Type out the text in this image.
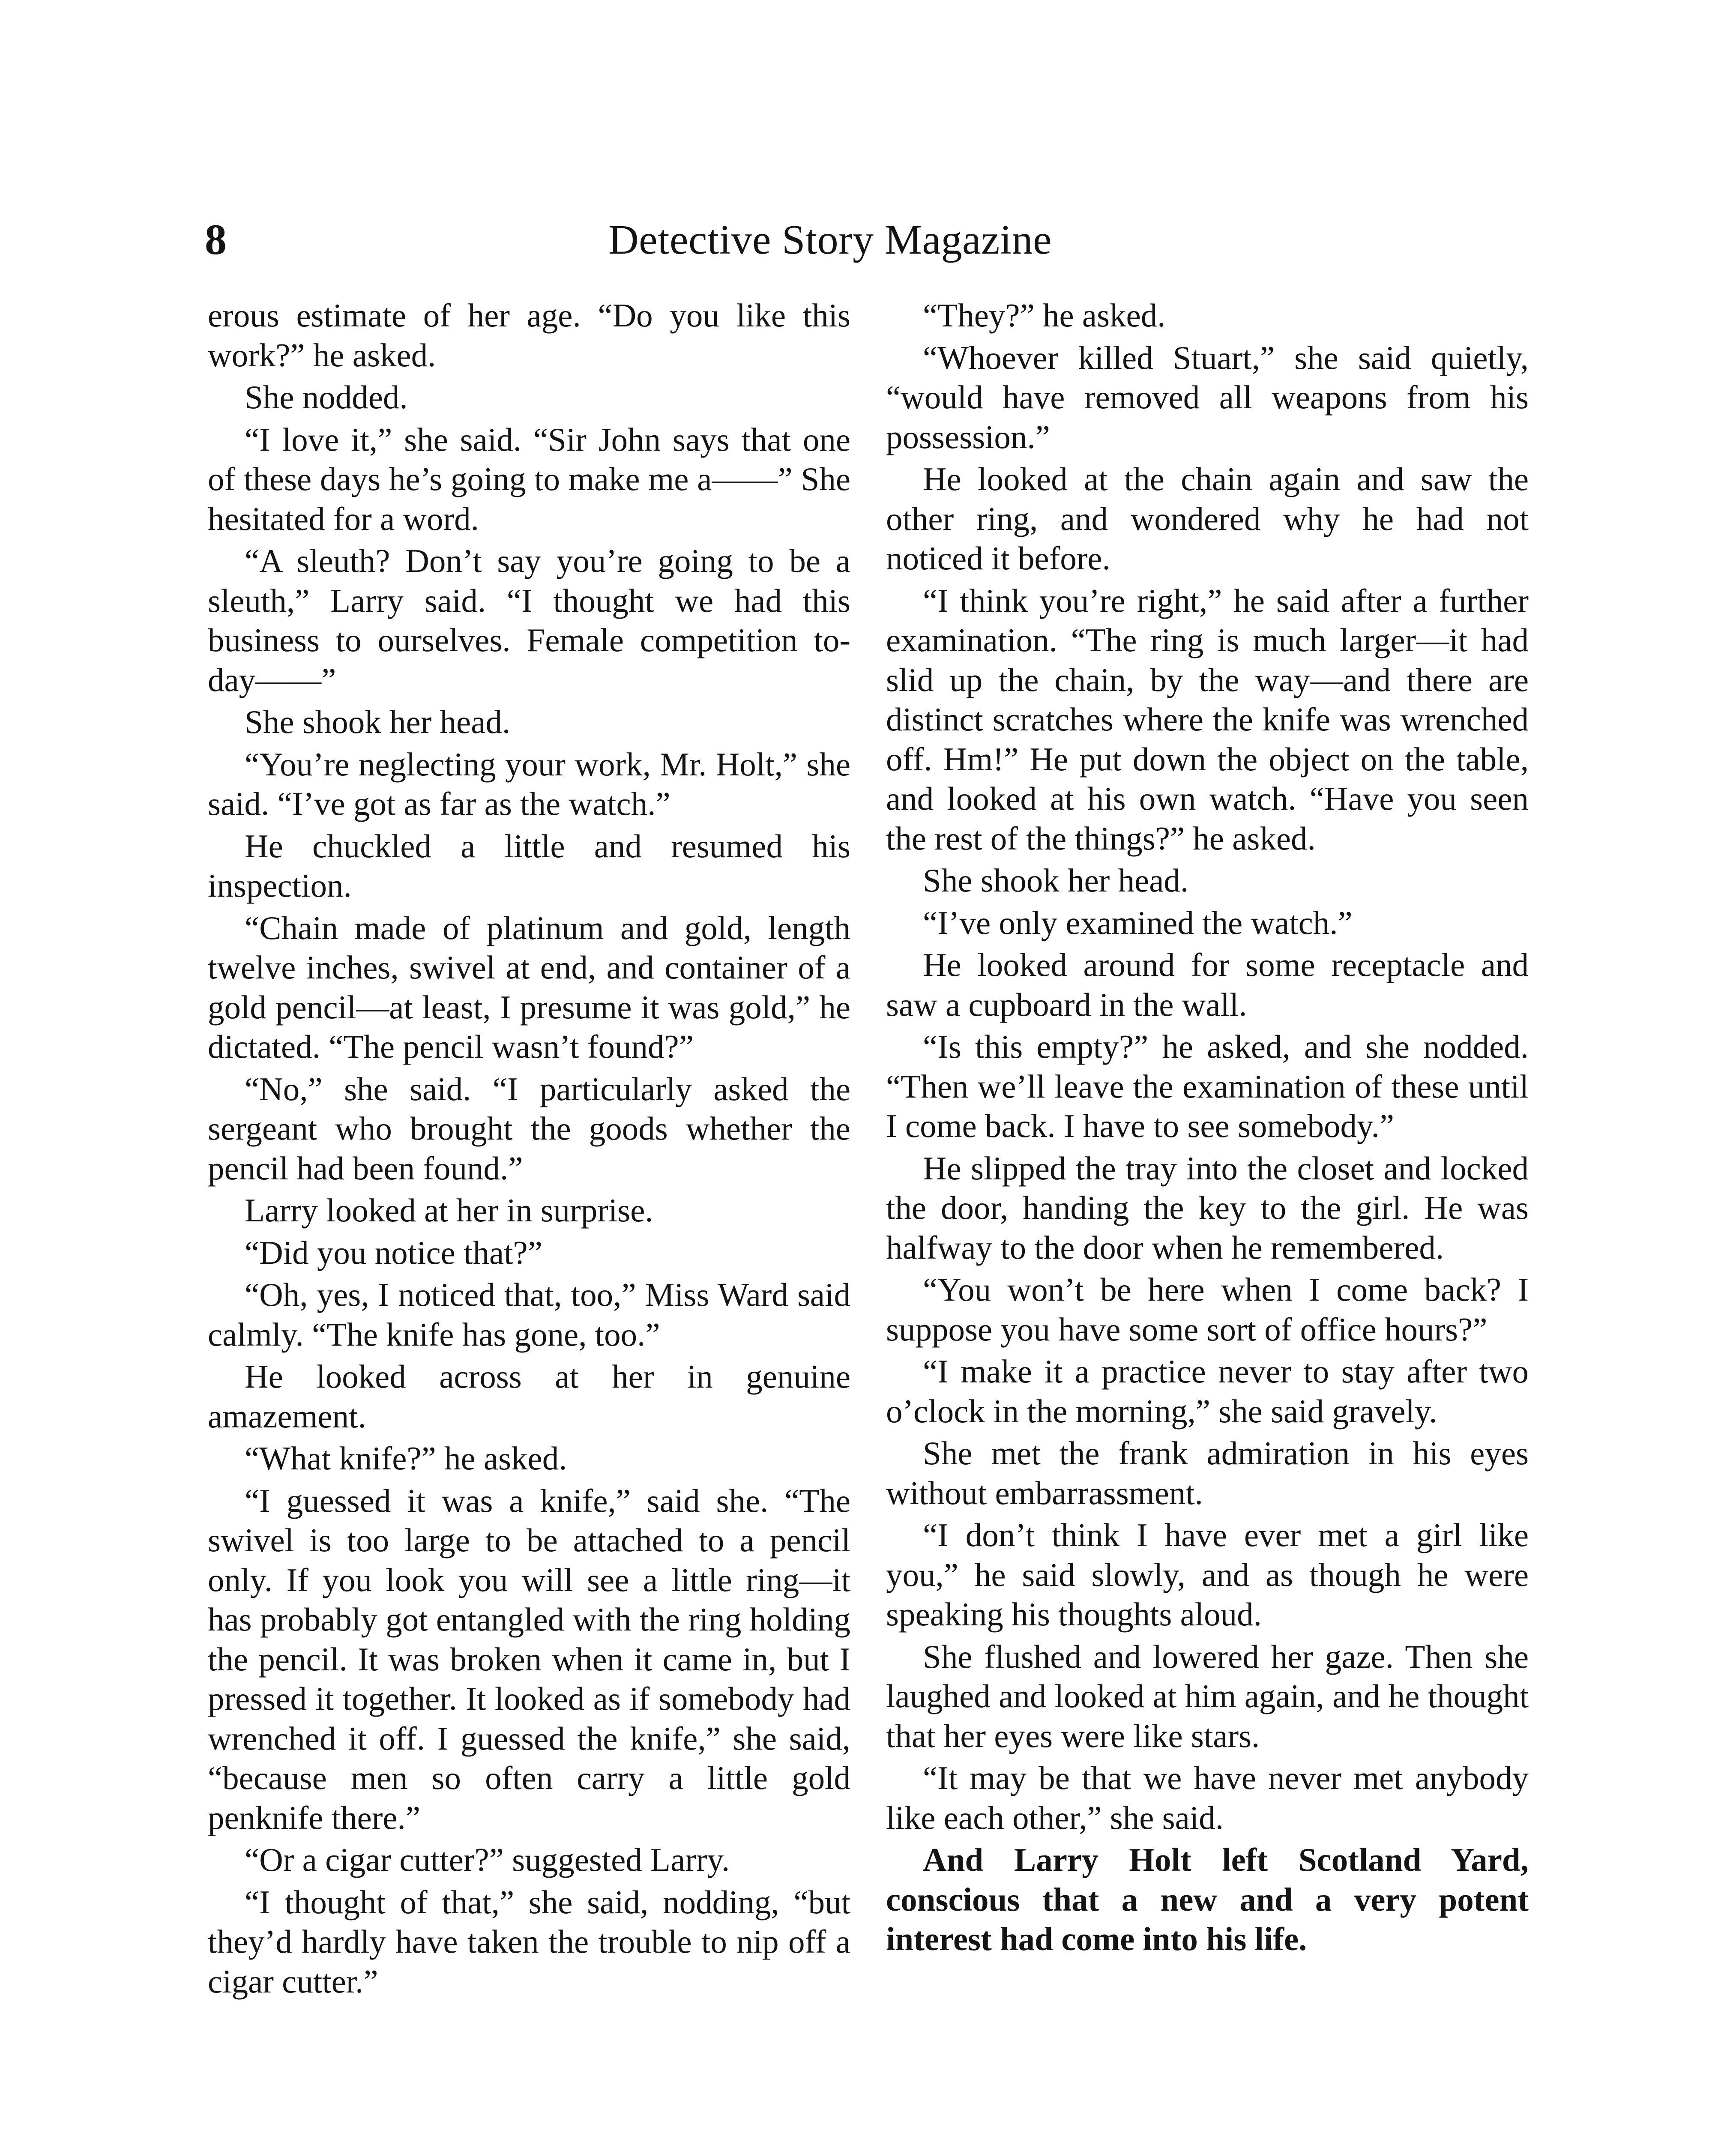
8	Detective Story Magazine

erous estimate of her age. “Do you like this work?” he asked.

She nodded.

“I love it,” she said. “Sir John says that one of these days he’s going to make me a——” She hesitated for a word.

“A sleuth? Don’t say you’re going to be a sleuth,” Larry said. “I thought we had this business to ourselves. Female competition to-day——”

She shook her head.

“You’re neglecting your work, Mr. Holt,” she said. “I’ve got as far as the watch.”

He chuckled a little and resumed his inspection.

“Chain made of platinum and gold, length twelve inches, swivel at end, and container of a gold pencil—at least, I presume it was gold,” he dictated. “The pencil wasn’t found?”

“No,” she said. “I particularly asked the sergeant who brought the goods whether the pencil had been found.”

Larry looked at her in surprise.

“Did you notice that?”

“Oh, yes, I noticed that, too,” Miss Ward said calmly. “The knife has gone, too.”

He looked across at her in genuine amazement.

“What knife?” he asked.

“I guessed it was a knife,” said she. “The swivel is too large to be attached to a pencil only. If you look you will see a little ring—it has probably got entangled with the ring holding the pencil. It was broken when it came in, but I pressed it together. It looked as if somebody had wrenched it off. I guessed the knife,” she said, “because men so often carry a little gold penknife there.”

“Or a cigar cutter?” suggested Larry.

“I thought of that,” she said, nodding, “but they’d hardly have taken the trouble to nip off a cigar cutter.”

“They?” he asked.

“Whoever killed Stuart,” she said quietly, “would have removed all weapons from his possession.”

He looked at the chain again and saw the other ring, and wondered why he had not noticed it before.

“I think you’re right,” he said after a further examination. “The ring is much larger—it had slid up the chain, by the way—and there are distinct scratches where the knife was wrenched off. Hm!” He put down the object on the table, and looked at his own watch. “Have you seen the rest of the things?” he asked.

She shook her head.

“I’ve only examined the watch.”

He looked around for some receptacle and saw a cupboard in the wall.

“Is this empty?” he asked, and she nodded. “Then we’ll leave the examination of these until I come back. I have to see somebody.”

He slipped the tray into the closet and locked the door, handing the key to the girl. He was halfway to the door when he remembered.

“You won’t be here when I come back? I suppose you have some sort of office hours?”

“I make it a practice never to stay after two o’clock in the morning,” she said gravely.

She met the frank admiration in his eyes without embarrassment.

“I don’t think I have ever met a girl like you,” he said slowly, and as though he were speaking his thoughts aloud.

She flushed and lowered her gaze. Then she laughed and looked at him again, and he thought that her eyes were like stars.

“It may be that we have never met anybody like each other,” she said.

And Larry Holt left Scotland Yard, conscious that a new and a very potent interest had come into his life.
